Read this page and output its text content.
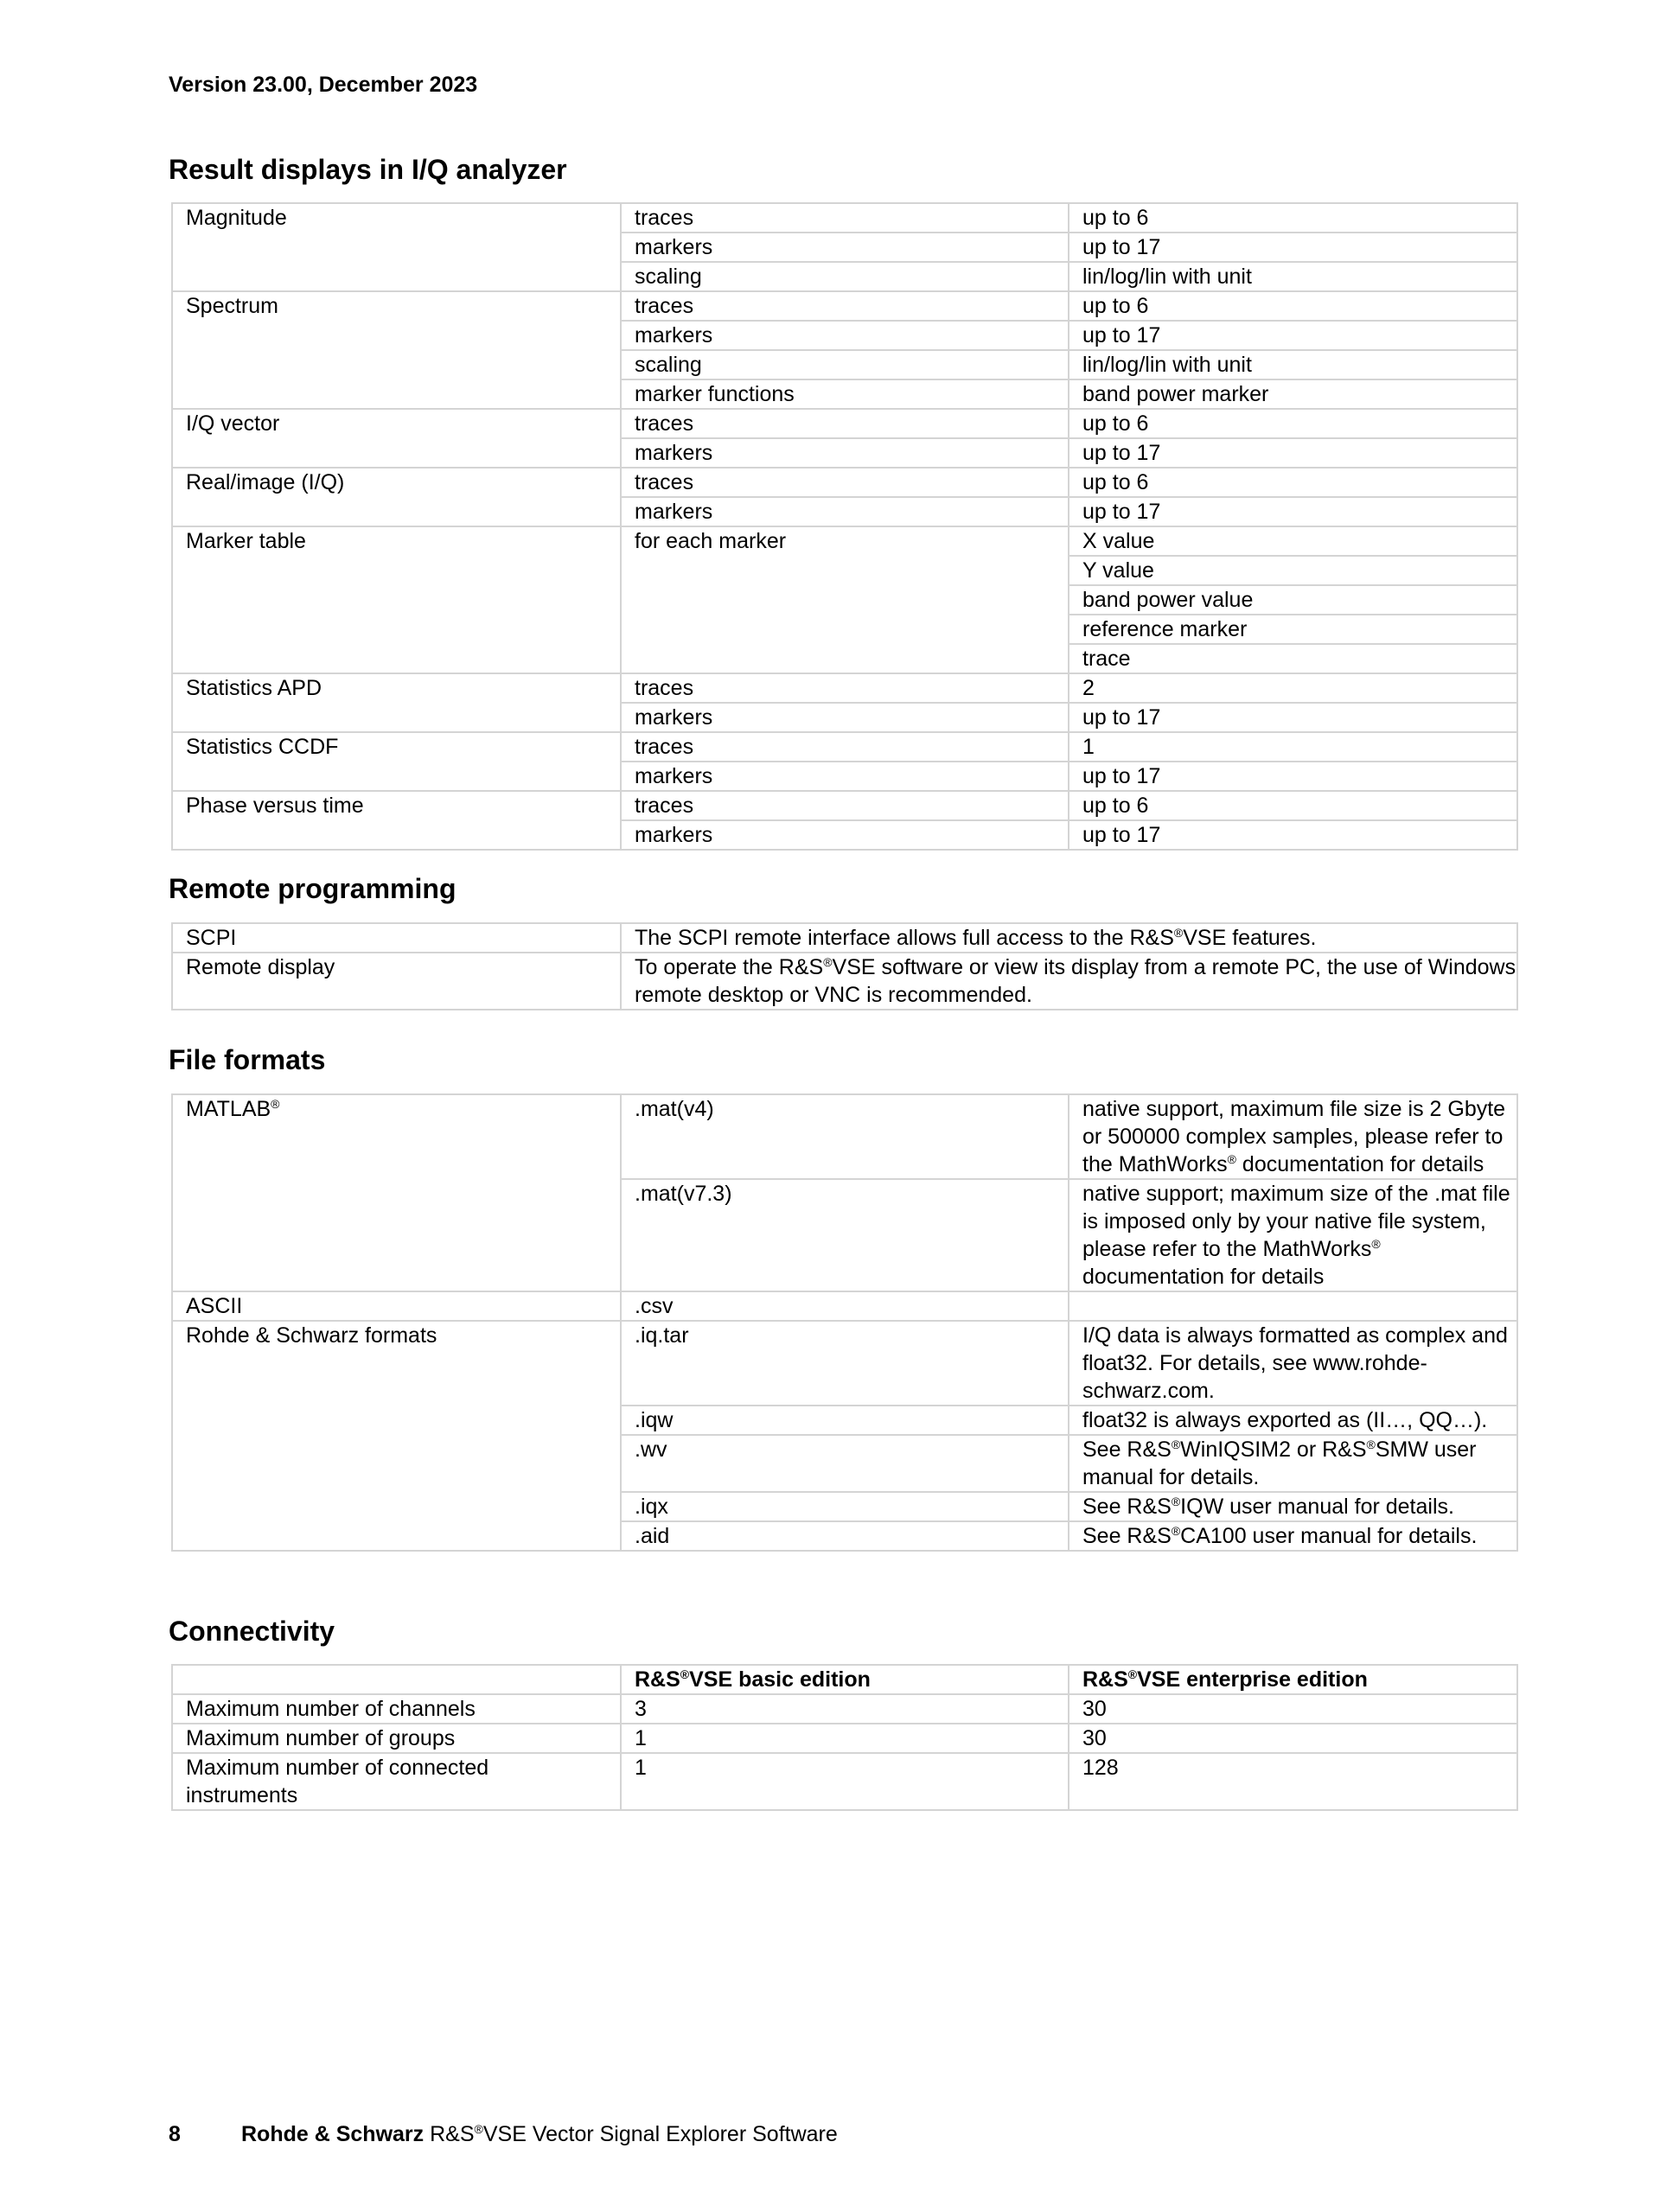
Version 23.00, December 2023
Result displays in I/Q analyzer
Magnitude	traces	up to 6
	markers	up to 17
	scaling	lin/log/lin with unit
Spectrum	traces	up to 6
	markers	up to 17
	scaling	lin/log/lin with unit
	marker functions	band power marker
I/Q vector	traces	up to 6
	markers	up to 17
Real/image (I/Q)	traces	up to 6
	markers	up to 17
Marker table	for each marker	X value
		Y value
		band power value
		reference marker
		trace
Statistics APD	traces	2
	markers	up to 17
Statistics CCDF	traces	1
	markers	up to 17
Phase versus time	traces	up to 6
	markers	up to 17
Remote programming
SCPI	The SCPI remote interface allows full access to the R&S®VSE features.
Remote display	To operate the R&S®VSE software or view its display from a remote PC, the use of Windows remote desktop or VNC is recommended.
File formats
MATLAB®	.mat(v4)	native support, maximum file size is 2 Gbyte or 500000 complex samples, please refer to the MathWorks® documentation for details
	.mat(v7.3)	native support; maximum size of the .mat file is imposed only by your native file system, please refer to the MathWorks® documentation for details
ASCII	.csv	
Rohde & Schwarz formats	.iq.tar	I/Q data is always formatted as complex and float32. For details, see www.rohde-schwarz.com.
	.iqw	float32 is always exported as (II…, QQ…).
	.wv	See R&S®WinIQSIM2 or R&S®SMW user manual for details.
	.iqx	See R&S®IQW user manual for details.
	.aid	See R&S®CA100 user manual for details.
Connectivity
	R&S®VSE basic edition	R&S®VSE enterprise edition
Maximum number of channels	3	30
Maximum number of groups	1	30
Maximum number of connected instruments	1	128
8	Rohde & Schwarz R&S®VSE Vector Signal Explorer Software
